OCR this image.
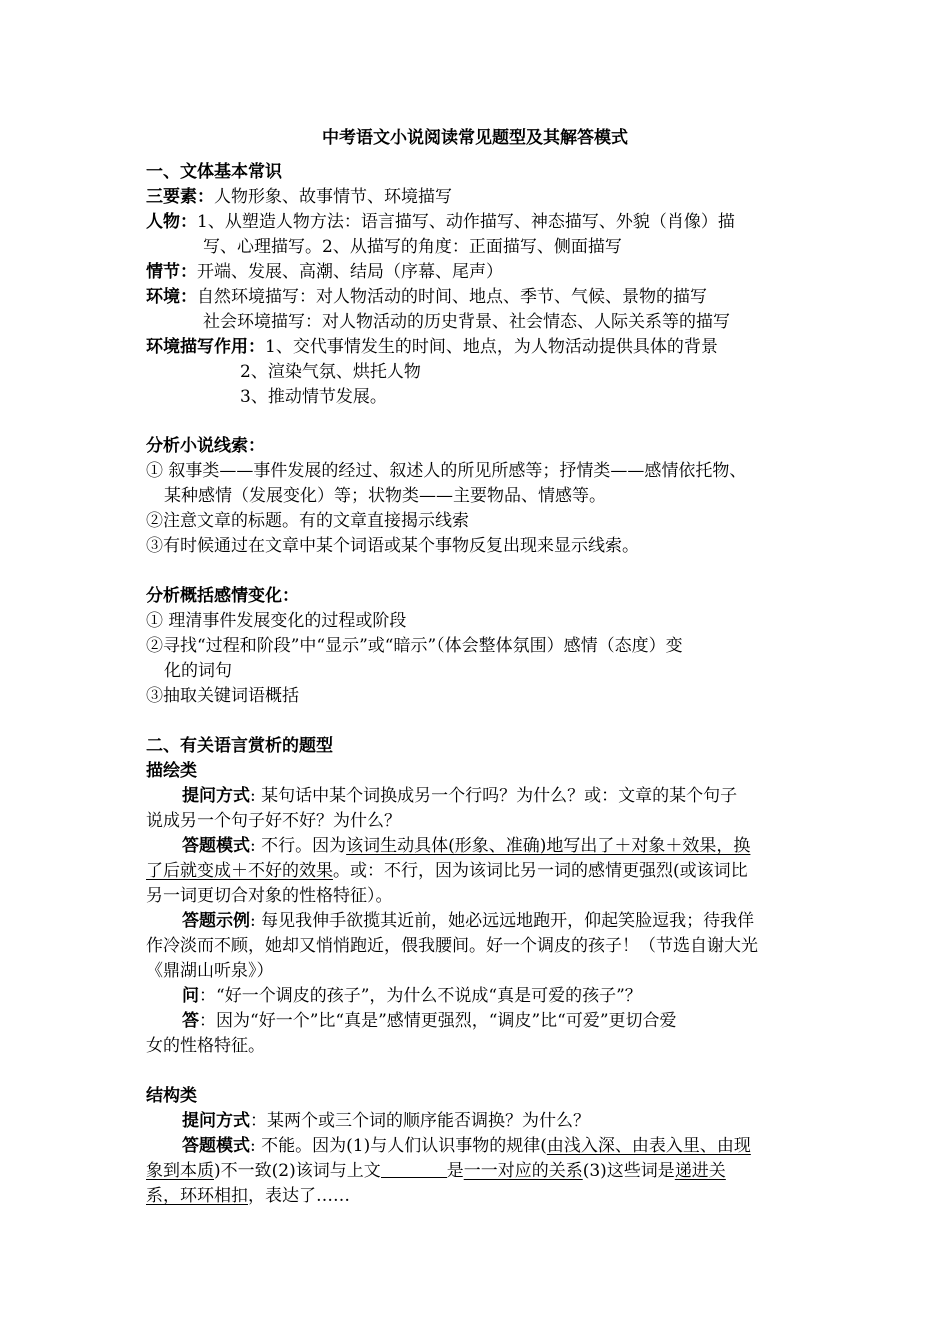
中考语文小说阅读常见题型及其解答模式
一、文体基本常识
三要素：人物形象、故事情节、环境描写
人物：1、从塑造人物方法：语言描写、动作描写、神态描写、外貌（肖像）描
写、心理描写。2、从描写的角度：正面描写、侧面描写
情节：开端、发展、高潮、结局（序幕、尾声）
环境：自然环境描写：对人物活动的时间、地点、季节、气候、景物的描写
社会环境描写：对人物活动的历史背景、社会情态、人际关系等的描写
环境描写作用：1、交代事情发生的时间、地点，为人物活动提供具体的背景
2、渲染气氛、烘托人物
3、推动情节发展。
分析小说线索：
① 叙事类——事件发展的经过、叙述人的所见所感等；抒情类——感情依托物、
某种感情（发展变化）等；状物类——主要物品、情感等。
②注意文章的标题。有的文章直接揭示线索
③有时候通过在文章中某个词语或某个事物反复出现来显示线索。
分析概括感情变化：
① 理清事件发展变化的过程或阶段
②寻找“过程和阶段”中“显示”或“暗示”（体会整体氛围）感情（态度）变
化的词句
③抽取关键词语概括
二、有关语言赏析的题型
描绘类
提问方式: 某句话中某个词换成另一个行吗？为什么？或：文章的某个句子
说成另一个句子好不好？为什么？
答题模式: 不行。因为该词生动具体(形象、准确)地写出了＋对象＋效果，换
了后就变成＋不好的效果。或：不行，因为该词比另一词的感情更强烈(或该词比
另一词更切合对象的性格特征）。
答题示例: 每见我伸手欲揽其近前，她必远远地跑开，仰起笑脸逗我；待我佯
作冷淡而不顾，她却又悄悄跑近，偎我腰间。好一个调皮的孩子！（节选自谢大光
《鼎湖山听泉》）
问：“好一个调皮的孩子”，为什么不说成“真是可爱的孩子”？
答：因为“好一个”比“真是”感情更强烈，“调皮”比“可爱”更切合爱
女的性格特征。
结构类
提问方式：某两个或三个词的顺序能否调换？为什么？
答题模式: 不能。因为(1)与人们认识事物的规律(由浅入深、由表入里、由现
象到本质)不一致(2)该词与上文	是一一对应的关系(3)这些词是递进关
系，环环相扣，表达了……
